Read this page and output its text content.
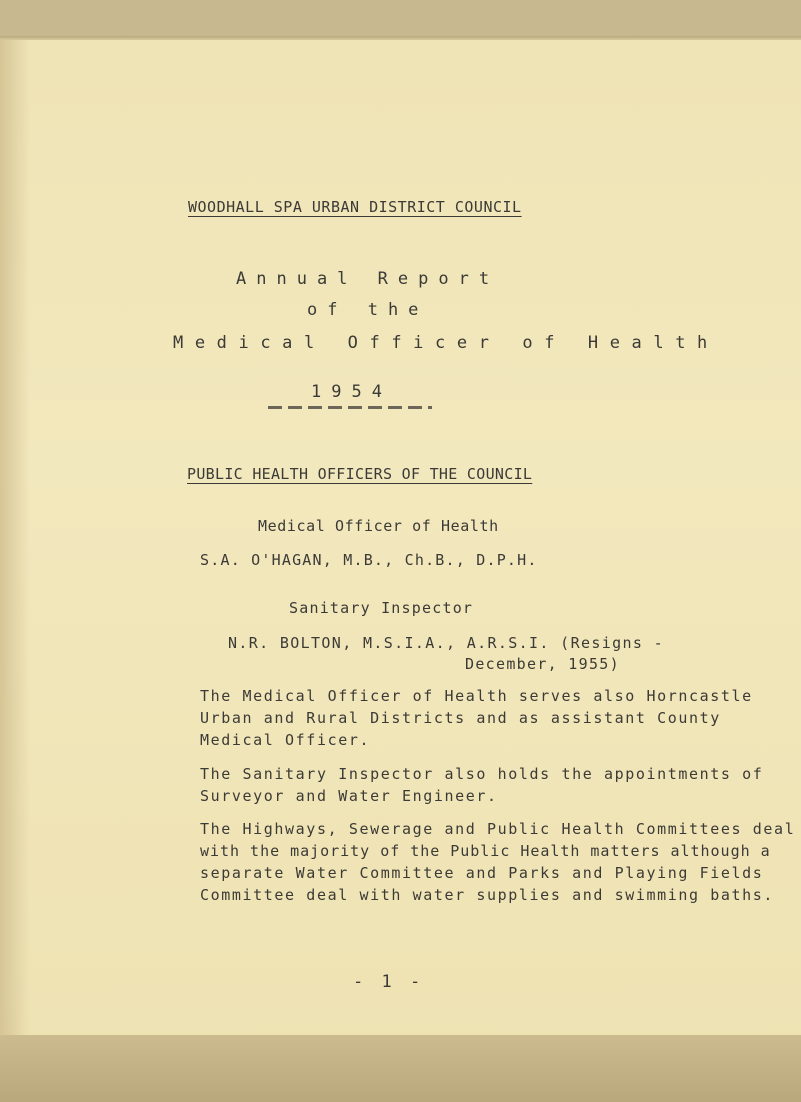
WOODHALL SPA URBAN DISTRICT COUNCIL
Annual Report
of the
Medical Officer of Health
1954
PUBLIC HEALTH OFFICERS OF THE COUNCIL
Medical Officer of Health
S.A. O'HAGAN, M.B., Ch.B., D.P.H.
Sanitary Inspector
N.R. BOLTON, M.S.I.A., A.R.S.I. (Resigns -
December, 1955)
The Medical Officer of Health serves also Horncastle
Urban and Rural Districts and as assistant County
Medical Officer.
The Sanitary Inspector also holds the appointments of
Surveyor and Water Engineer.
The Highways, Sewerage and Public Health Committees deal
with the majority of the Public Health matters although a
separate Water Committee and Parks and Playing Fields
Committee deal with water supplies and swimming baths.
- 1 -
